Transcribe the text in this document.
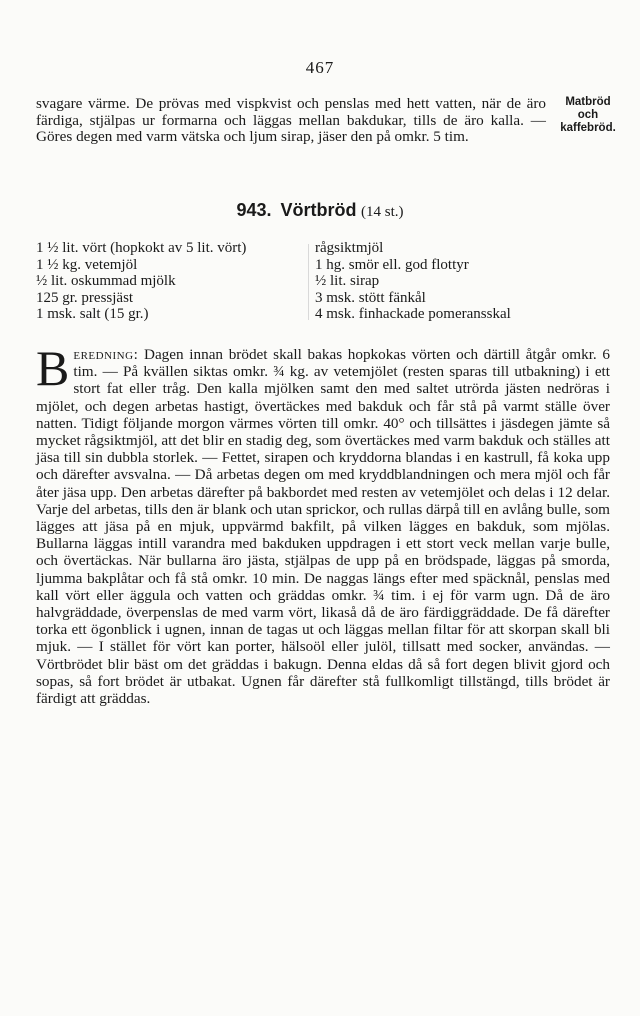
467

svagare värme. De prövas med vispkvist och penslas med hett vatten, när de äro färdiga, stjälpas ur formarna och läggas mellan bakdukar, tills de äro kalla. — Göres degen med varm vätska och ljum sirap, jäser den på omkr. 5 tim.

Matbröd
och
kaffebröd.
943. Vörtbröd (14 st.)
1 ½ lit. vört (hopkokt av 5 lit. vört)
1 ½ kg. vetemjöl
½ lit. oskummad mjölk
125 gr. pressjäst
1 msk. salt (15 gr.)
rågsiktmjöl
1 hg. smör ell. god flottyr
½ lit. sirap
3 msk. stött fänkål
4 msk. finhackade pomeransskal

Beredning: Dagen innan brödet skall bakas hopkokas vörten och därtill åtgår omkr. 6 tim. — På kvällen siktas omkr. ¾ kg. av vetemjölet (resten sparas till utbakning) i ett stort fat eller tråg. Den kalla mjölken samt den med saltet utrörda jästen nedröras i mjölet, och degen arbetas hastigt, övertäckes med bakduk och får stå på varmt ställe över natten. Tidigt följande morgon värmes vörten till omkr. 40° och tillsättes i jäsdegen jämte så mycket rågsiktmjöl, att det blir en stadig deg, som övertäckes med varm bakduk och ställes att jäsa till sin dubbla storlek. — Fettet, sirapen och kryddorna blandas i en kastrull, få koka upp och därefter avsvalna. — Då arbetas degen om med kryddblandningen och mera mjöl och får åter jäsa upp. Den arbetas därefter på bakbordet med resten av vetemjölet och delas i 12 delar. Varje del arbetas, tills den är blank och utan sprickor, och rullas därpå till en avlång bulle, som lägges att jäsa på en mjuk, uppvärmd bakfilt, på vilken lägges en bakduk, som mjölas. Bullarna läggas intill varandra med bakduken uppdragen i ett stort veck mellan varje bulle, och övertäckas. När bullarna äro jästa, stjälpas de upp på en brödspade, läggas på smorda, ljumma bakplåtar och få stå omkr. 10 min. De naggas längs efter med späcknål, penslas med kall vört eller äggula och vatten och gräddas omkr. ¾ tim. i ej för varm ugn. Då de äro halvgräddade, överpenslas de med varm vört, likaså då de äro färdiggräddade. De få därefter torka ett ögonblick i ugnen, innan de tagas ut och läggas mellan filtar för att skorpan skall bli mjuk. — I stället för vört kan porter, hälsoöl eller julöl, tillsatt med socker, användas. — Vörtbrödet blir bäst om det gräddas i bakugn. Denna eldas då så fort degen blivit gjord och sopas, så fort brödet är utbakat. Ugnen får därefter stå fullkomligt tillstängd, tills brödet är färdigt att gräddas.
